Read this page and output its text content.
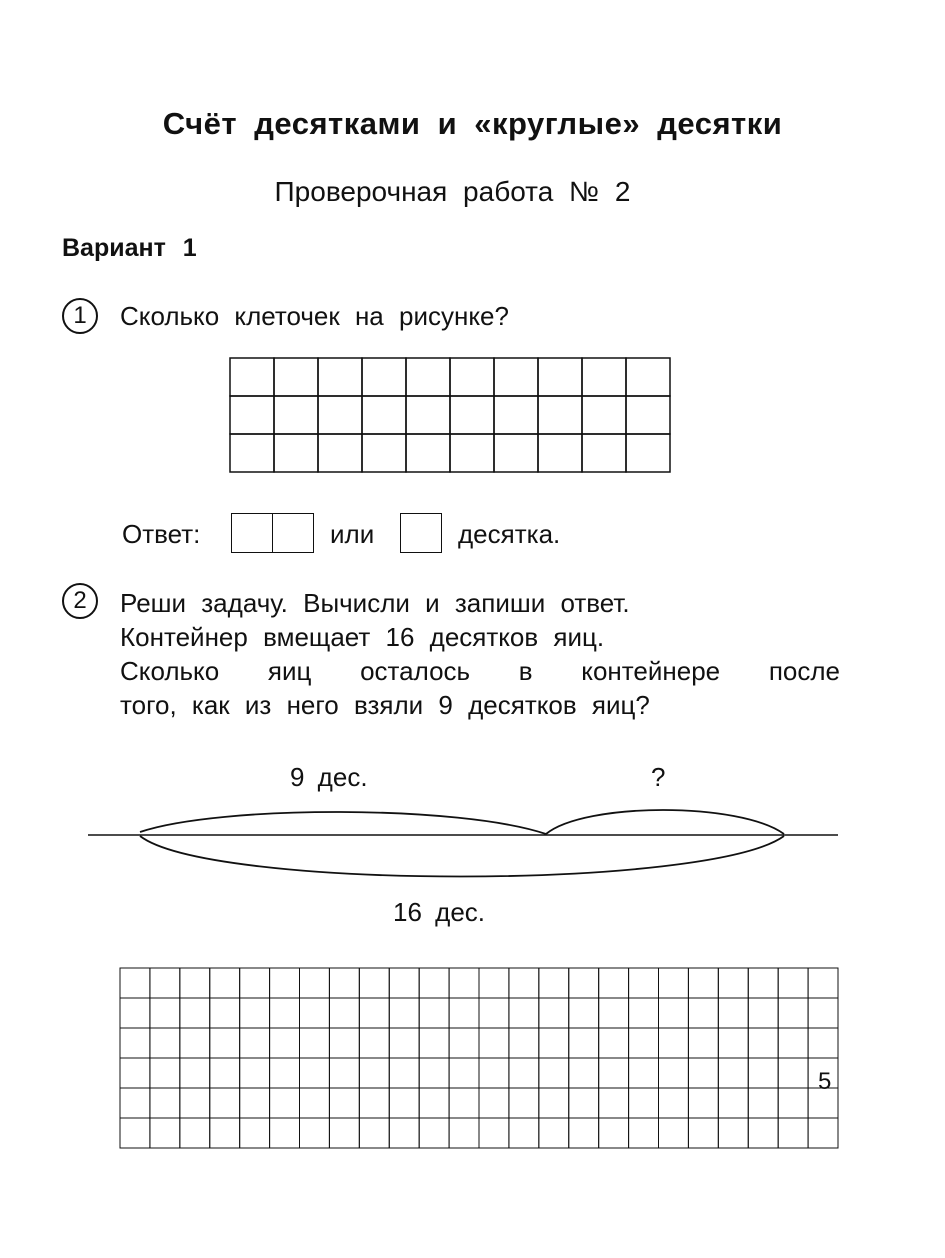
Счёт десятками и «круглые» десятки
Проверочная работа № 2
Вариант 1
1	Сколько клеточек на рисунке?
Ответ:	или	десятка.
2	Реши задачу. Вычисли и запиши ответ.
Контейнер вмещает 16 десятков яиц.
Сколько яиц осталось в контейнере после
того, как из него взяли 9 десятков яиц?
9 дес.	?
16 дес.
5
